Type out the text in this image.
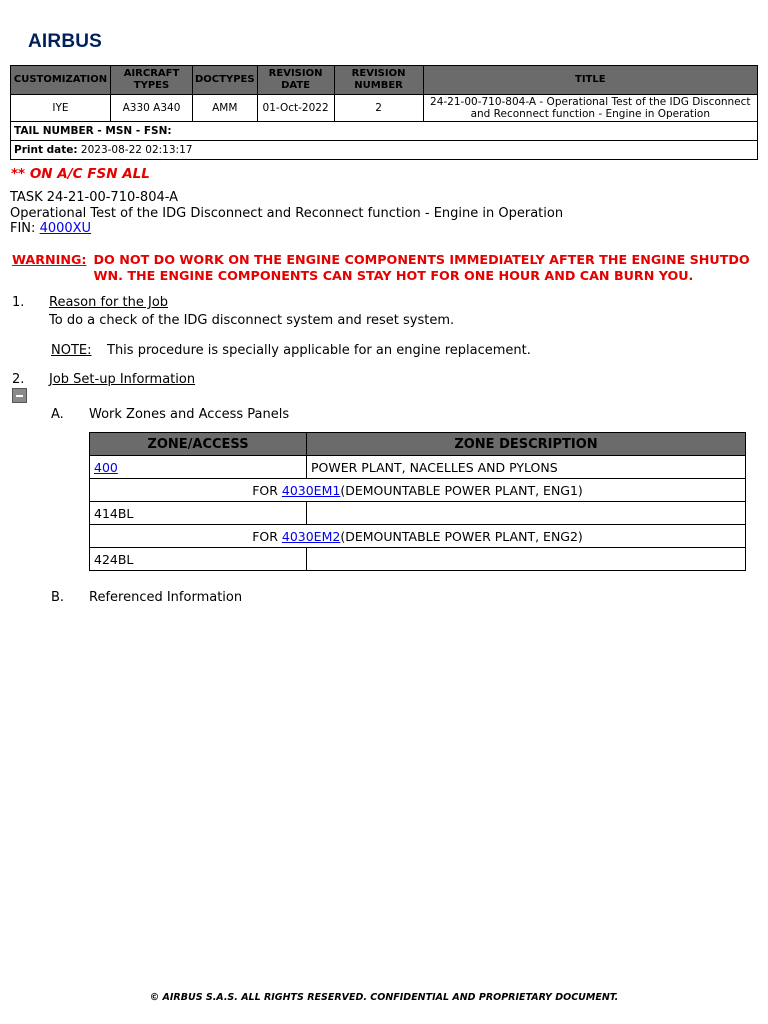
AIRBUS
CUSTOMIZATION	AIRCRAFT TYPES	DOCTYPES	REVISION DATE	REVISION NUMBER	TITLE
IYE	A330 A340	AMM	01-Oct-2022	2	24-21-00-710-804-A - Operational Test of the IDG Disconnect and Reconnect function - Engine in Operation
TAIL NUMBER - MSN - FSN:					
Print date: 2023-08-22 02:13:17					
** ON A/C FSN ALL
TASK 24-21-00-710-804-A
Operational Test of the IDG Disconnect and Reconnect function - Engine in Operation
FIN: 4000XU
WARNING: DO NOT DO WORK ON THE ENGINE COMPONENTS IMMEDIATELY AFTER THE ENGINE SHUTDOWN. THE ENGINE COMPONENTS CAN STAY HOT FOR ONE HOUR AND CAN BURN YOU.
1. Reason for the Job
To do a check of the IDG disconnect system and reset system.
NOTE: This procedure is specially applicable for an engine replacement.
2. Job Set-up Information
A. Work Zones and Access Panels
ZONE/ACCESS	ZONE DESCRIPTION
400	POWER PLANT, NACELLES AND PYLONS
FOR 4030EM1(DEMOUNTABLE POWER PLANT, ENG1)	
414BL	
FOR 4030EM2(DEMOUNTABLE POWER PLANT, ENG2)	
424BL	
B. Referenced Information
© AIRBUS S.A.S. ALL RIGHTS RESERVED. CONFIDENTIAL AND PROPRIETARY DOCUMENT.
